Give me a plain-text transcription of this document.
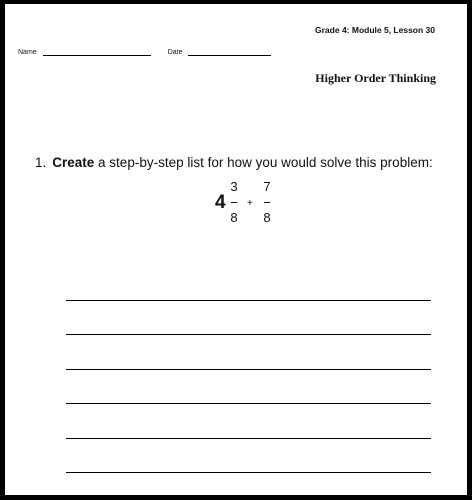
Grade 4: Module 5, Lesson 30
Name	Date
Higher Order Thinking
1. Create a step-by-step list for how you would solve this problem:
4
3
8
+
7
8
